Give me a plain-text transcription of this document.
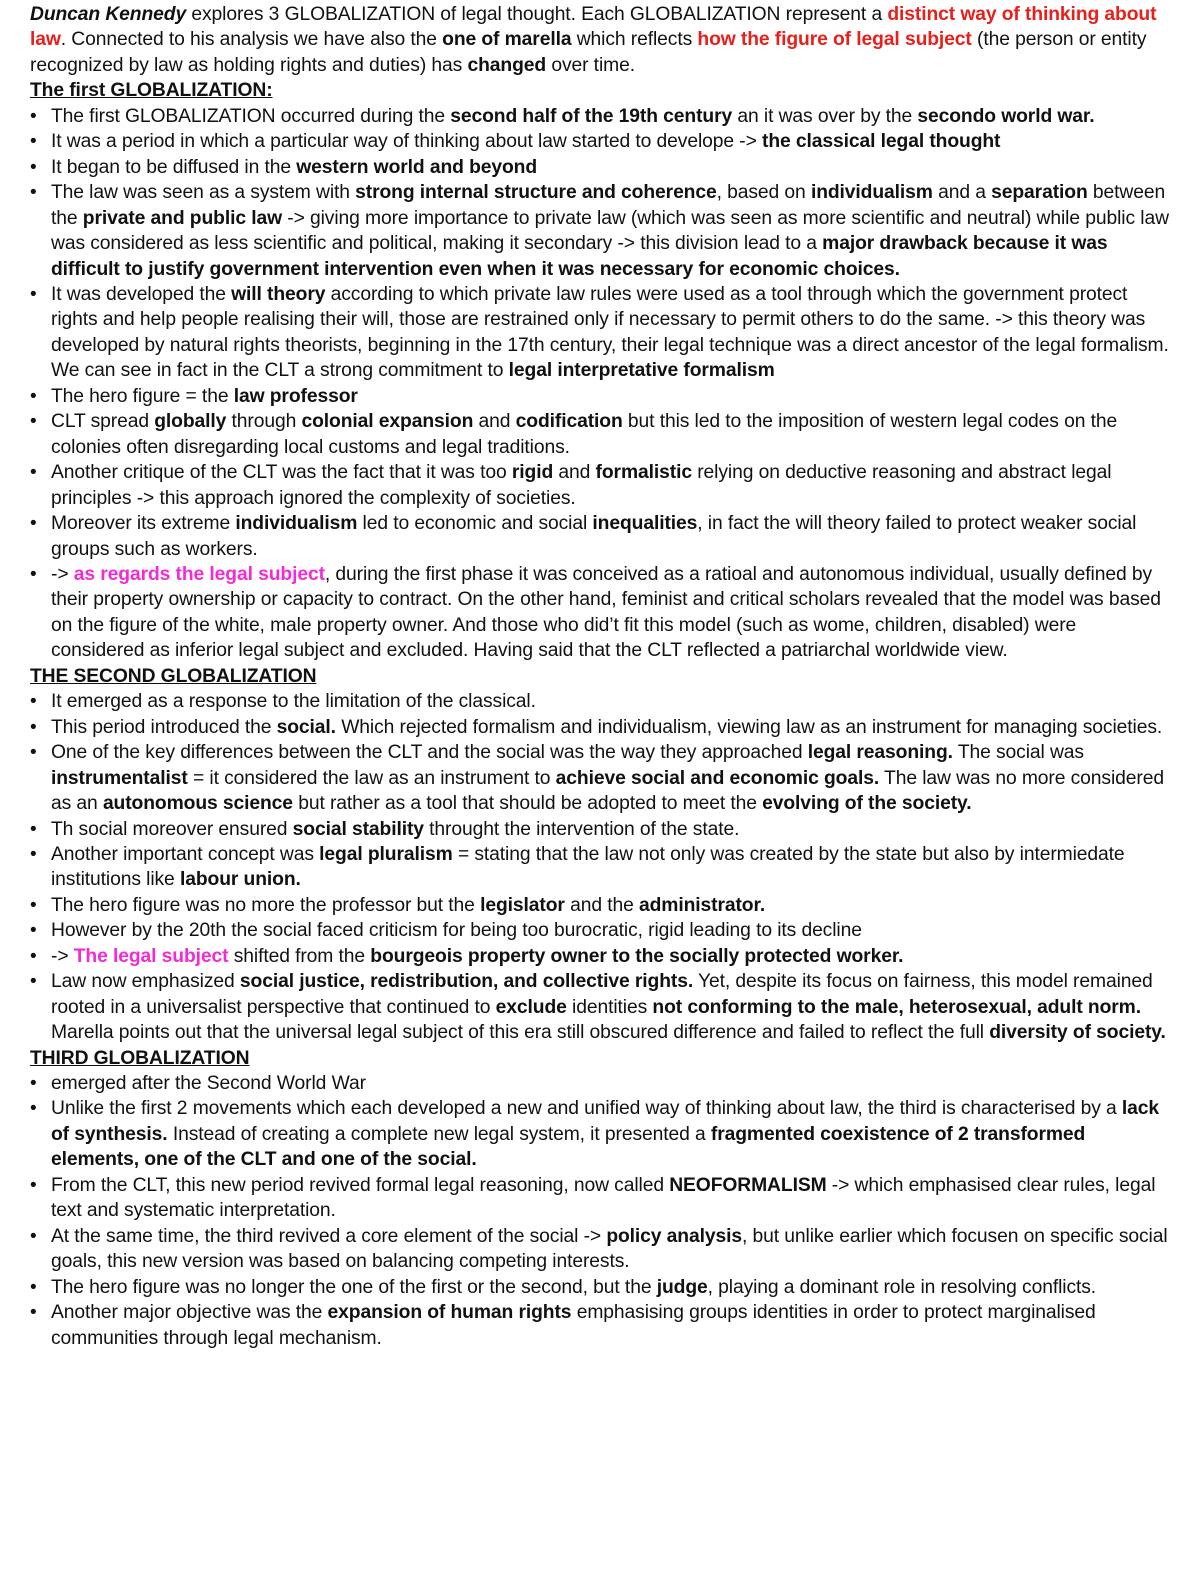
Duncan Kennedy explores 3 GLOBALIZATION of legal thought. Each GLOBALIZATION represent a distinct way of thinking about law. Connected to his analysis we have also the one of marella which reflects how the figure of legal subject (the person or entity recognized by law as holding rights and duties) has changed over time.

The first GLOBALIZATION:

• The first GLOBALIZATION occurred during the second half of the 19th century an it was over by the secondo world war.
• It was a period in which a particular way of thinking about law started to develope -> the classical legal thought
• It began to be diffused in the western world and beyond
• The law was seen as a system with strong internal structure and coherence, based on individualism and a separation between the private and public law -> giving more importance to private law (which was seen as more scientific and neutral) while public law was considered as less scientific and political, making it secondary -> this division lead to a major drawback because it was difficult to justify government intervention even when it was necessary for economic choices.
• It was developed the will theory according to which private law rules were used as a tool through which the government protect rights and help people realising their will, those are restrained only if necessary to permit others to do the same. -> this theory was developed by natural rights theorists, beginning in the 17th century, their legal technique was a direct ancestor of the legal formalism. We can see in fact in the CLT a strong commitment to legal interpretative formalism
• The hero figure = the law professor
• CLT spread globally through colonial expansion and codification but this led to the imposition of western legal codes on the colonies often disregarding local customs and legal traditions.
• Another critique of the CLT was the fact that it was too rigid and formalistic relying on deductive reasoning and abstract legal principles -> this approach ignored the complexity of societies.
• Moreover its extreme individualism led to economic and social inequalities, in fact the will theory failed to protect weaker social groups such as workers.
• -> as regards the legal subject, during the first phase it was conceived as a ratioal and autonomous individual, usually defined by their property ownership or capacity to contract. On the other hand, feminist and critical scholars revealed that the model was based on the figure of the white, male property owner. And those who did’t fit this model (such as wome, children, disabled) were considered as inferior legal subject and excluded. Having said that the CLT reflected a patriarchal worldwide view.

THE SECOND GLOBALIZATION

• It emerged as a response to the limitation of the classical.
• This period introduced the social. Which rejected formalism and individualism, viewing law as an instrument for managing societies.
• One of the key differences between the CLT and the social was the way they approached legal reasoning. The social was instrumentalist = it considered the law as an instrument to achieve social and economic goals. The law was no more considered as an autonomous science but rather as a tool that should be adopted to meet the evolving of the society.
• Th social moreover ensured social stability throught the intervention of the state.
• Another important concept was legal pluralism = stating that the law not only was created by the state but also by intermiedate institutions like labour union.
• The hero figure was no more the professor but the legislator and the administrator.
• However by the 20th the social faced criticism for being too burocratic, rigid leading to its decline
• -> The legal subject shifted from the bourgeois property owner to the socially protected worker.
• Law now emphasized social justice, redistribution, and collective rights. Yet, despite its focus on fairness, this model remained rooted in a universalist perspective that continued to exclude identities not conforming to the male, heterosexual, adult norm. Marella points out that the universal legal subject of this era still obscured difference and failed to reflect the full diversity of society.

THIRD GLOBALIZATION

• emerged after the Second World War
• Unlike the first 2 movements which each developed a new and unified way of thinking about law, the third is characterised by a lack of synthesis. Instead of creating a complete new legal system, it presented a fragmented coexistence of 2 transformed elements, one of the CLT and one of the social.
• From the CLT, this new period revived formal legal reasoning, now called NEOFORMALISM -> which emphasised clear rules, legal text and systematic interpretation.
• At the same time, the third revived a core element of the social -> policy analysis, but unlike earlier which focusen on specific social goals, this new version was based on balancing competing interests.
• The hero figure was no longer the one of the first or the second, but the judge, playing a dominant role in resolving conflicts.
• Another major objective was the expansion of human rights emphasising groups identities in order to protect marginalised communities through legal mechanism.
